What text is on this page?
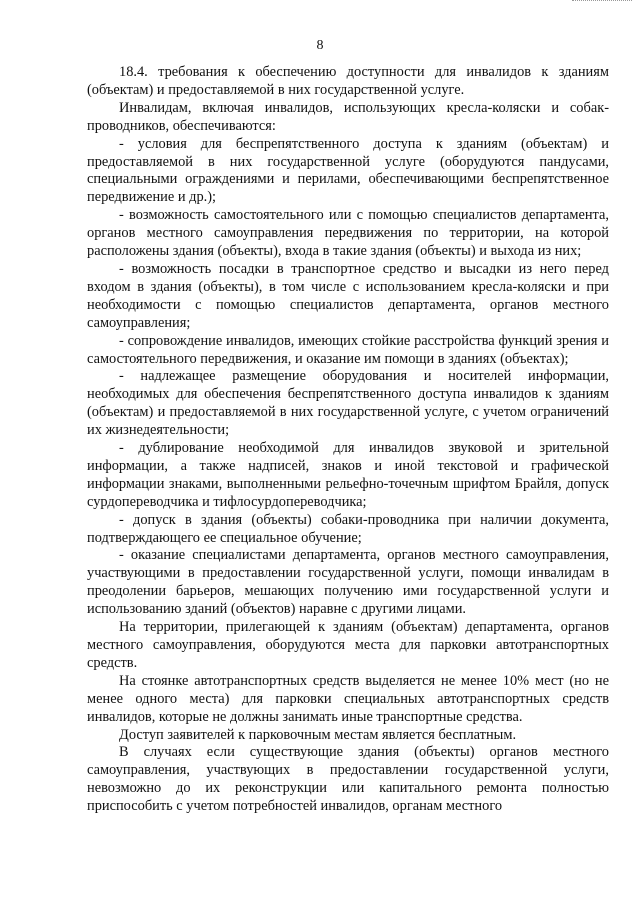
8

18.4. требования к обеспечению доступности для инвалидов к зданиям (объектам) и предоставляемой в них государственной услуге.

Инвалидам, включая инвалидов, использующих кресла-коляски и собак-проводников, обеспечиваются:

- условия для беспрепятственного доступа к зданиям (объектам) и предоставляемой в них государственной услуге (оборудуются пандусами, специальными ограждениями и перилами, обеспечивающими беспрепятственное передвижение и др.);

- возможность самостоятельного или с помощью специалистов департамента, органов местного самоуправления передвижения по территории, на которой расположены здания (объекты), входа в такие здания (объекты) и выхода из них;

- возможность посадки в транспортное средство и высадки из него перед входом в здания (объекты), в том числе с использованием кресла-коляски и при необходимости с помощью специалистов департамента, органов местного самоуправления;

- сопровождение инвалидов, имеющих стойкие расстройства функций зрения и самостоятельного передвижения, и оказание им помощи в зданиях (объектах);

- надлежащее размещение оборудования и носителей информации, необходимых для обеспечения беспрепятственного доступа инвалидов к зданиям (объектам) и предоставляемой в них государственной услуге, с учетом ограничений их жизнедеятельности;

- дублирование необходимой для инвалидов звуковой и зрительной информации, а также надписей, знаков и иной текстовой и графической информации знаками, выполненными рельефно-точечным шрифтом Брайля, допуск сурдопереводчика и тифлосурдопереводчика;

- допуск в здания (объекты) собаки-проводника при наличии документа, подтверждающего ее специальное обучение;

- оказание специалистами департамента, органов местного самоуправления, участвующими в предоставлении государственной услуги, помощи инвалидам в преодолении барьеров, мешающих получению ими государственной услуги и использованию зданий (объектов) наравне с другими лицами.

На территории, прилегающей к зданиям (объектам) департамента, органов местного самоуправления, оборудуются места для парковки автотранспортных средств.

На стоянке автотранспортных средств выделяется не менее 10% мест (но не менее одного места) для парковки специальных автотранспортных средств инвалидов, которые не должны занимать иные транспортные средства.

Доступ заявителей к парковочным местам является бесплатным.

В случаях если существующие здания (объекты) органов местного самоуправления, участвующих в предоставлении государственной услуги, невозможно до их реконструкции или капитального ремонта полностью приспособить с учетом потребностей инвалидов, органам местного
